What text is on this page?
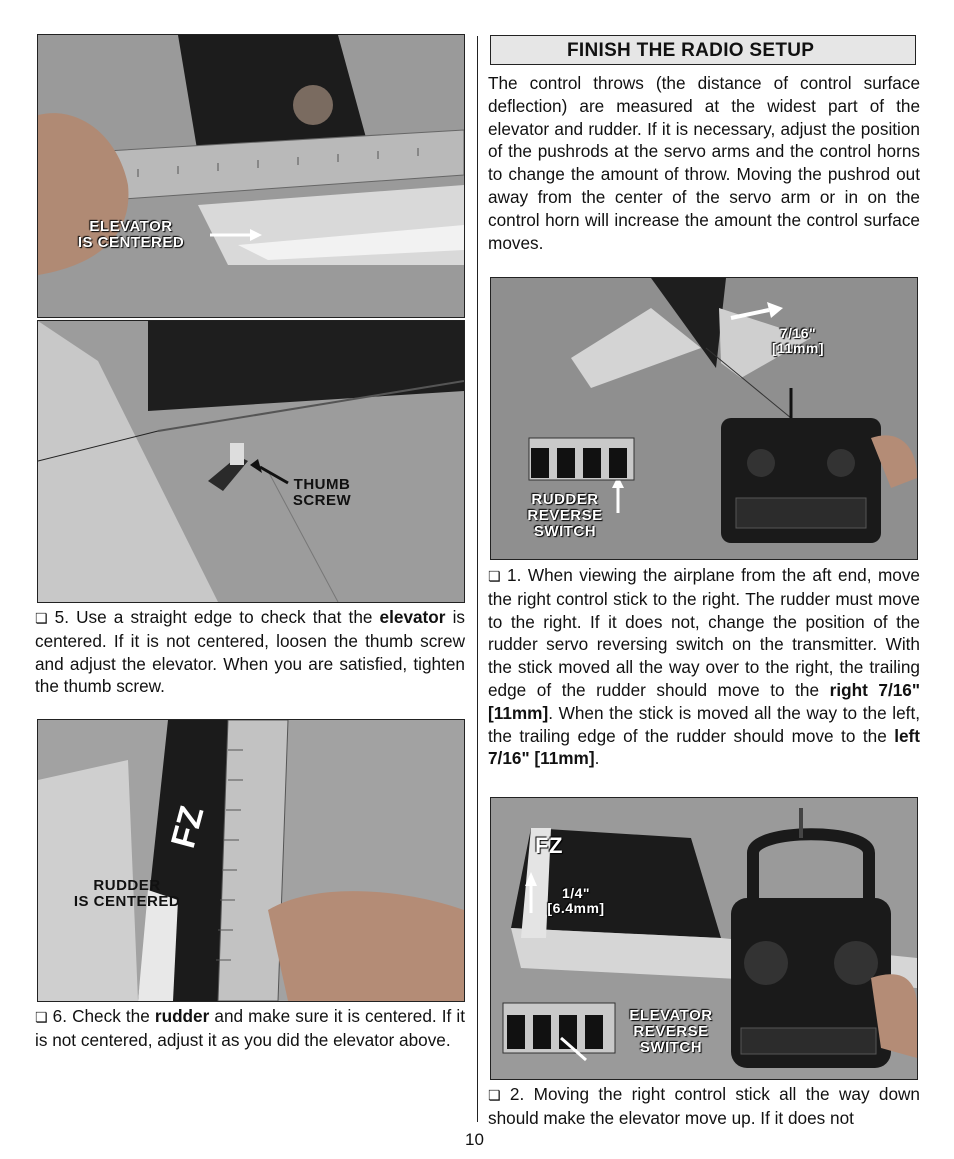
ELEVATOR
IS CENTERED
THUMB
SCREW

❏ 5. Use a straight edge to check that the elevator is centered. If it is not centered, loosen the thumb screw and adjust the elevator. When you are satisfied, tighten the thumb screw.

FZ
RUDDER
IS CENTERED

❏ 6. Check the rudder and make sure it is centered. If it is not centered, adjust it as you did the elevator above.

FINISH THE RADIO SETUP

The control throws (the distance of control surface deflection) are measured at the widest part of the elevator and rudder. If it is necessary, adjust the position of the pushrods at the servo arms and the control horns to change the amount of throw. Moving the pushrod out away from the center of the servo arm or in on the control horn will increase the amount the control surface moves.

7/16"
[11mm]
RUDDER
REVERSE
SWITCH

❏ 1. When viewing the airplane from the aft end, move the right control stick to the right. The rudder must move to the right. If it does not, change the position of the rudder servo reversing switch on the transmitter. With the stick moved all the way over to the right, the trailing edge of the rudder should move to the right 7/16" [11mm]. When the stick is moved all the way to the left, the trailing edge of the rudder should move to the left 7/16" [11mm].

FZ
1/4"
[6.4mm]
ELEVATOR
REVERSE
SWITCH

❏ 2. Moving the right control stick all the way down should make the elevator move up. If it does not

10
